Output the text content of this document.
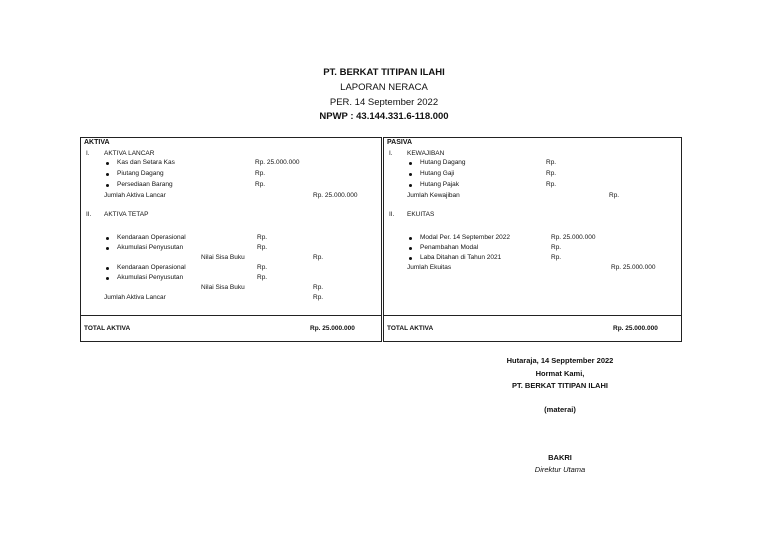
PT. BERKAT TITIPAN ILAHI
LAPORAN NERACA
PER. 14 September 2022
NPWP : 43.144.331.6-118.000
AKTIVA
I. AKTIVA LANCAR
Kas dan Setara Kas	Rp. 25.000.000
Piutang Dagang	Rp.
Persediaan Barang	Rp.
Jumlah Aktiva Lancar	Rp. 25.000.000
II. AKTIVA TETAP
Kendaraan Operasional	Rp.
Akumulasi Penyusutan	Rp.
Nilai Sisa Buku	Rp.
Kendaraan Operasional	Rp.
Akumulasi Penyusutan	Rp.
Nilai Sisa Buku	Rp.
Jumlah Aktiva Lancar	Rp.
TOTAL AKTIVA	Rp. 25.000.000
PASIVA
I. KEWAJIBAN
Hutang Dagang	Rp.
Hutang Gaji	Rp.
Hutang Pajak	Rp.
Jumlah Kewajiban	Rp.
II. EKUITAS
Modal Per. 14 September 2022	Rp. 25.000.000
Penambahan Modal	Rp.
Laba Ditahan di Tahun 2021	Rp.
Jumlah Ekuitas	Rp. 25.000.000
TOTAL AKTIVA	Rp. 25.000.000
Hutaraja, 14 Sepptember 2022
Hormat Kami,
PT. BERKAT TITIPAN ILAHI
(materai)
BAKRI
Direktur Utama
